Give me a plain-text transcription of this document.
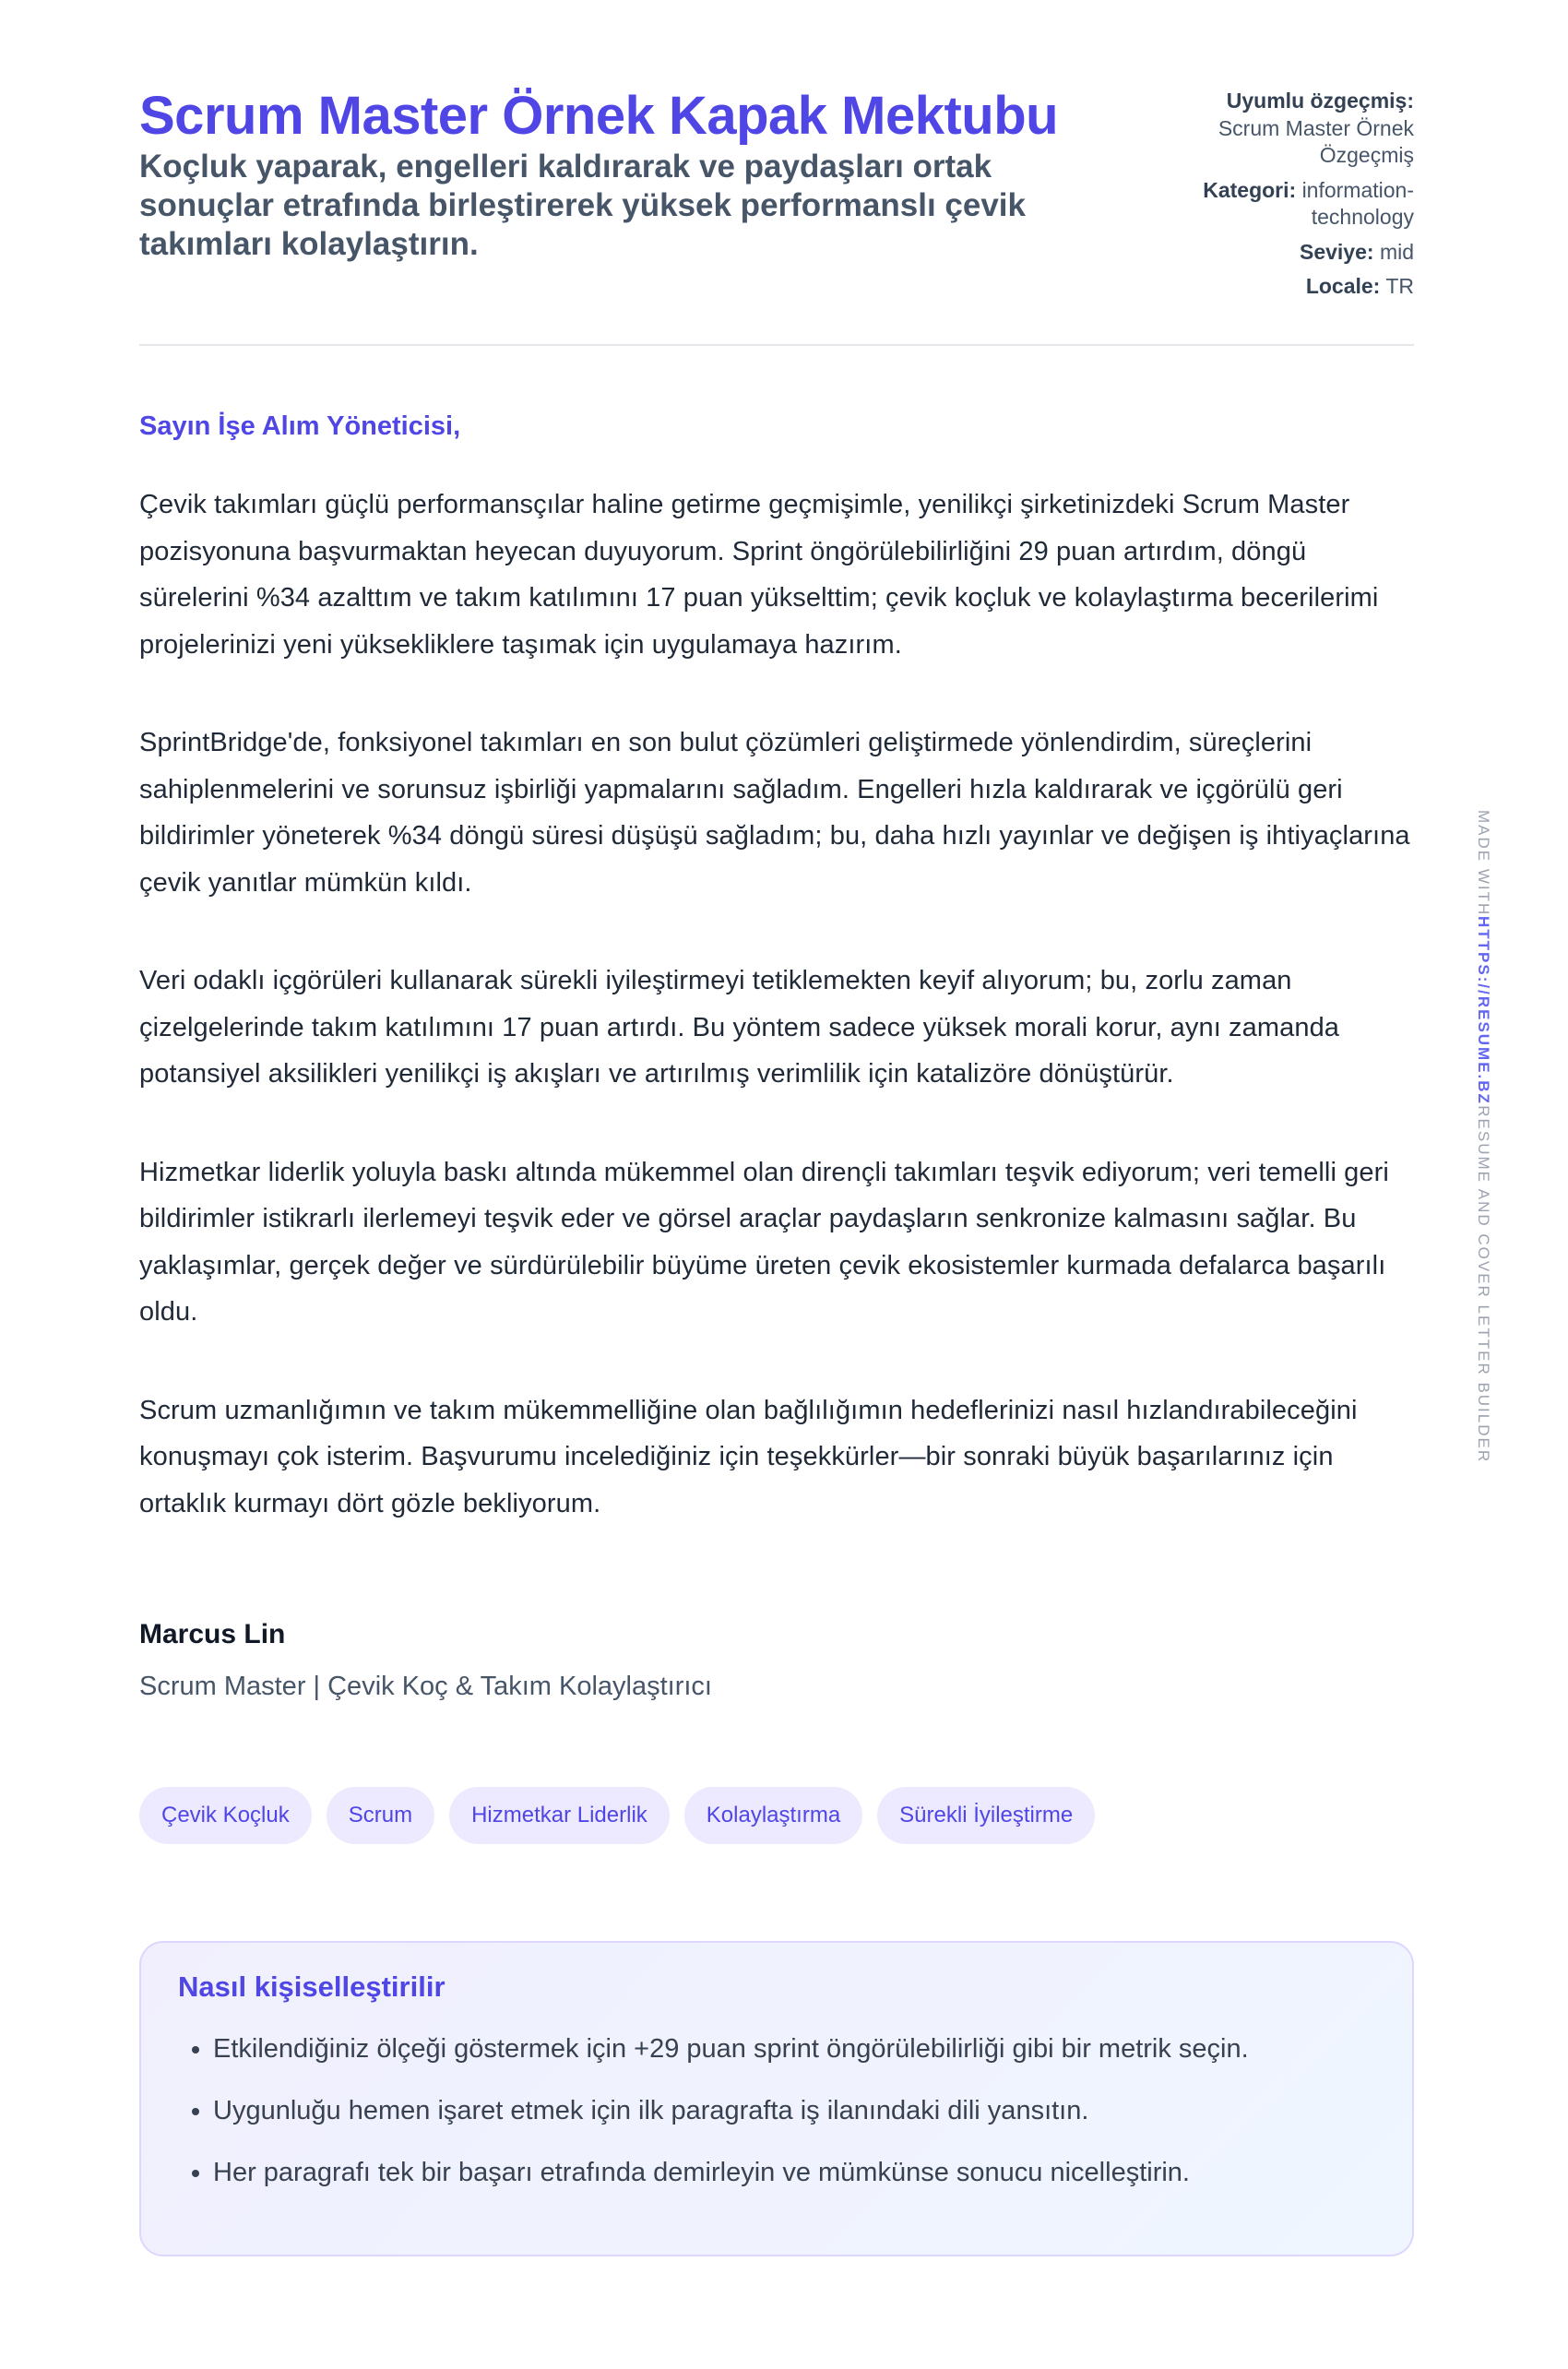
Scrum Master Örnek Kapak Mektubu
Koçluk yaparak, engelleri kaldırarak ve paydaşları ortak sonuçlar etrafında birleştirerek yüksek performanslı çevik takımları kolaylaştırın.
Uyumlu özgeçmiş:
Scrum Master Örnek Özgeçmiş
Kategori: information-technology
Seviye: mid
Locale: TR
Sayın İşe Alım Yöneticisi,

Çevik takımları güçlü performansçılar haline getirme geçmişimle, yenilikçi şirketinizdeki Scrum Master pozisyonuna başvurmaktan heyecan duyuyorum. Sprint öngörülebilirliğini 29 puan artırdım, döngü sürelerini %34 azalttım ve takım katılımını 17 puan yükselttim; çevik koçluk ve kolaylaştırma becerilerimi projelerinizi yeni yüksekliklere taşımak için uygulamaya hazırım.

SprintBridge'de, fonksiyonel takımları en son bulut çözümleri geliştirmede yönlendirdim, süreçlerini sahiplenmelerini ve sorunsuz işbirliği yapmalarını sağladım. Engelleri hızla kaldırarak ve içgörülü geri bildirimler yöneterek %34 döngü süresi düşüşü sağladım; bu, daha hızlı yayınlar ve değişen iş ihtiyaçlarına çevik yanıtlar mümkün kıldı.

Veri odaklı içgörüleri kullanarak sürekli iyileştirmeyi tetiklemekten keyif alıyorum; bu, zorlu zaman çizelgelerinde takım katılımını 17 puan artırdı. Bu yöntem sadece yüksek morali korur, aynı zamanda potansiyel aksilikleri yenilikçi iş akışları ve artırılmış verimlilik için katalizöre dönüştürür.

Hizmetkar liderlik yoluyla baskı altında mükemmel olan dirençli takımları teşvik ediyorum; veri temelli geri bildirimler istikrarlı ilerlemeyi teşvik eder ve görsel araçlar paydaşların senkronize kalmasını sağlar. Bu yaklaşımlar, gerçek değer ve sürdürülebilir büyüme üreten çevik ekosistemler kurmada defalarca başarılı oldu.

Scrum uzmanlığımın ve takım mükemmelliğine olan bağlılığımın hedeflerinizi nasıl hızlandırabileceğini konuşmayı çok isterim. Başvurumu incelediğiniz için teşekkürler—bir sonraki büyük başarılarınız için ortaklık kurmayı dört gözle bekliyorum.

Marcus Lin
Scrum Master | Çevik Koç & Takım Kolaylaştırıcı
Çevik Koçluk	Scrum	Hizmetkar Liderlik	Kolaylaştırma	Sürekli İyileştirme
Nasıl kişiselleştirilir
• Etkilendiğiniz ölçeği göstermek için +29 puan sprint öngörülebilirliği gibi bir metrik seçin.
• Uygunluğu hemen işaret etmek için ilk paragrafta iş ilanındaki dili yansıtın.
• Her paragrafı tek bir başarı etrafında demirleyin ve mümkünse sonucu nicelleştirin.
MADE WITHHTTPS://RESUME.BZRESUME AND COVER LETTER BUILDER
